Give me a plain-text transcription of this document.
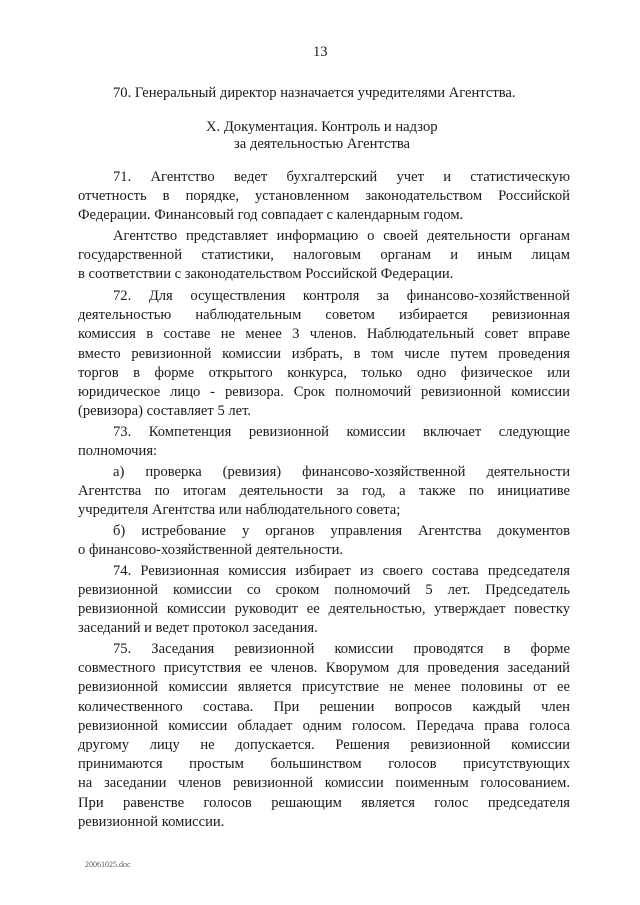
13
20061025.doc
70. Генеральный директор назначается учредителями Агентства.
X. Документация. Контроль и надзор
за деятельностью Агентства
71. Агентство ведет бухгалтерский учет и статистическую
отчетность в порядке, установленном законодательством Российской
Федерации. Финансовый год совпадает с календарным годом.
Агентство представляет информацию о своей деятельности органам
государственной статистики, налоговым органам и иным лицам
в соответствии с законодательством Российской Федерации.
72. Для осуществления контроля за финансово-хозяйственной
деятельностью наблюдательным советом избирается ревизионная
комиссия в составе не менее 3 членов. Наблюдательный совет вправе
вместо ревизионной комиссии избрать, в том числе путем проведения
торгов в форме открытого конкурса, только одно физическое или
юридическое лицо - ревизора. Срок полномочий ревизионной комиссии
(ревизора) составляет 5 лет.
73. Компетенция ревизионной комиссии включает следующие
полномочия:
а) проверка (ревизия) финансово-хозяйственной деятельности
Агентства по итогам деятельности за год, а также по инициативе
учредителя Агентства или наблюдательного совета;
б) истребование у органов управления Агентства документов
о финансово-хозяйственной деятельности.
74. Ревизионная комиссия избирает из своего состава председателя
ревизионной комиссии со сроком полномочий 5 лет. Председатель
ревизионной комиссии руководит ее деятельностью, утверждает повестку
заседаний и ведет протокол заседания.
75. Заседания ревизионной комиссии проводятся в форме
совместного присутствия ее членов. Кворумом для проведения заседаний
ревизионной комиссии является присутствие не менее половины от ее
количественного состава. При решении вопросов каждый член
ревизионной комиссии обладает одним голосом. Передача права голоса
другому лицу не допускается. Решения ревизионной комиссии
принимаются простым большинством голосов присутствующих
на заседании членов ревизионной комиссии поименным голосованием.
При равенстве голосов решающим является голос председателя
ревизионной комиссии.
